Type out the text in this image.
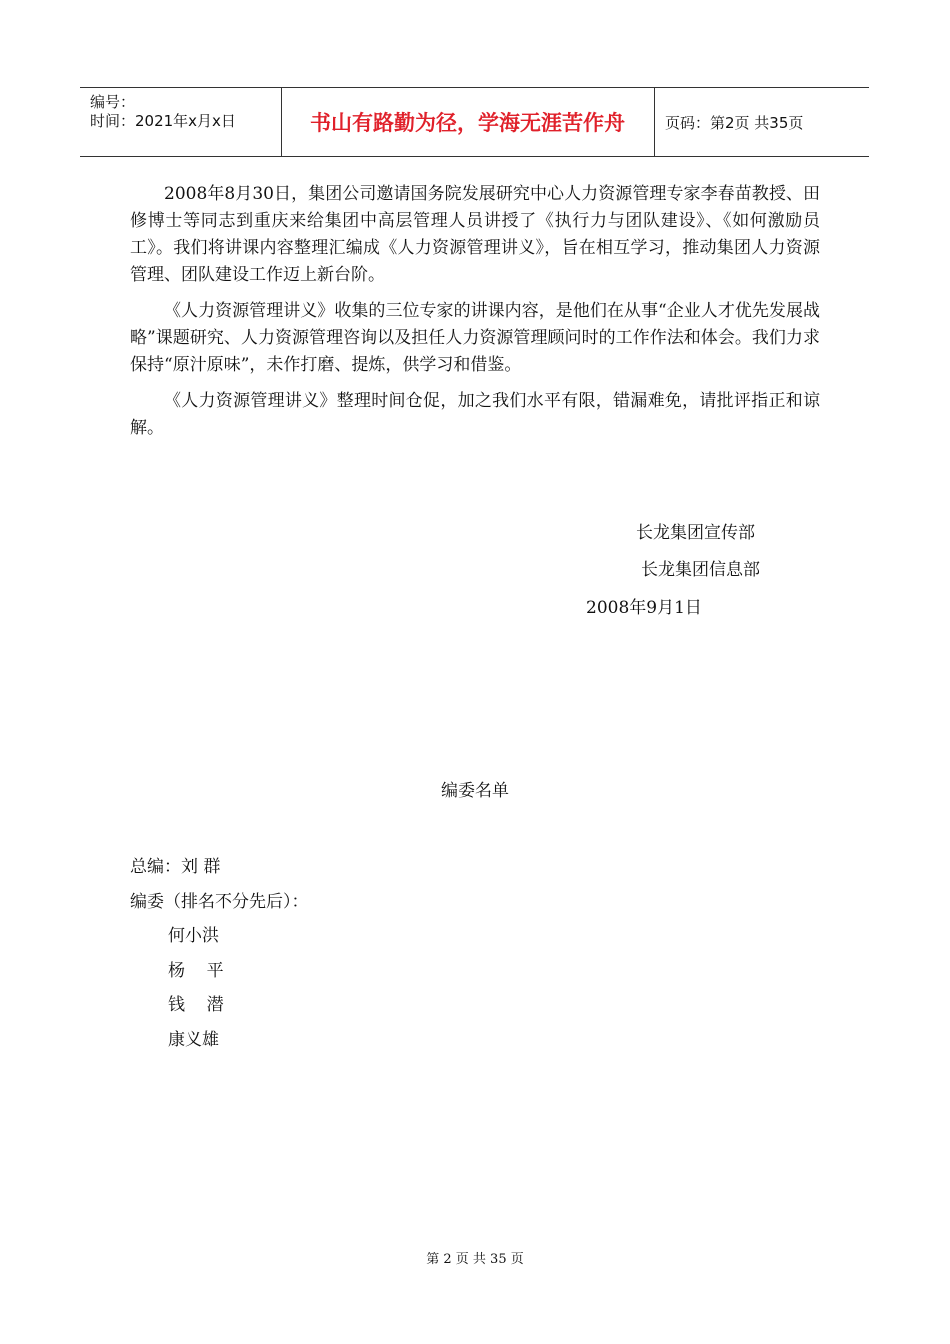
编号：
时间：2021年x月x日	书山有路勤为径，学海无涯苦作舟	页码：第2页 共35页

2008年8月30日，集团公司邀请国务院发展研究中心人力资源管理专家李春苗教授、田修博士等同志到重庆来给集团中高层管理人员讲授了《执行力与团队建设》、《如何激励员工》。我们将讲课内容整理汇编成《人力资源管理讲义》，旨在相互学习，推动集团人力资源管理、团队建设工作迈上新台阶。

《人力资源管理讲义》收集的三位专家的讲课内容，是他们在从事“企业人才优先发展战略”课题研究、人力资源管理咨询以及担任人力资源管理顾问时的工作作法和体会。我们力求保持“原汁原味”，未作打磨、提炼，供学习和借鉴。

《人力资源管理讲义》整理时间仓促，加之我们水平有限，错漏难免，请批评指正和谅解。

长龙集团宣传部
长龙集团信息部
2008年9月1日
编委名单
总编：刘 群
编委（排名不分先后）：
何小洪
杨    平
钱    潜
康义雄
第 2 页 共 35 页
